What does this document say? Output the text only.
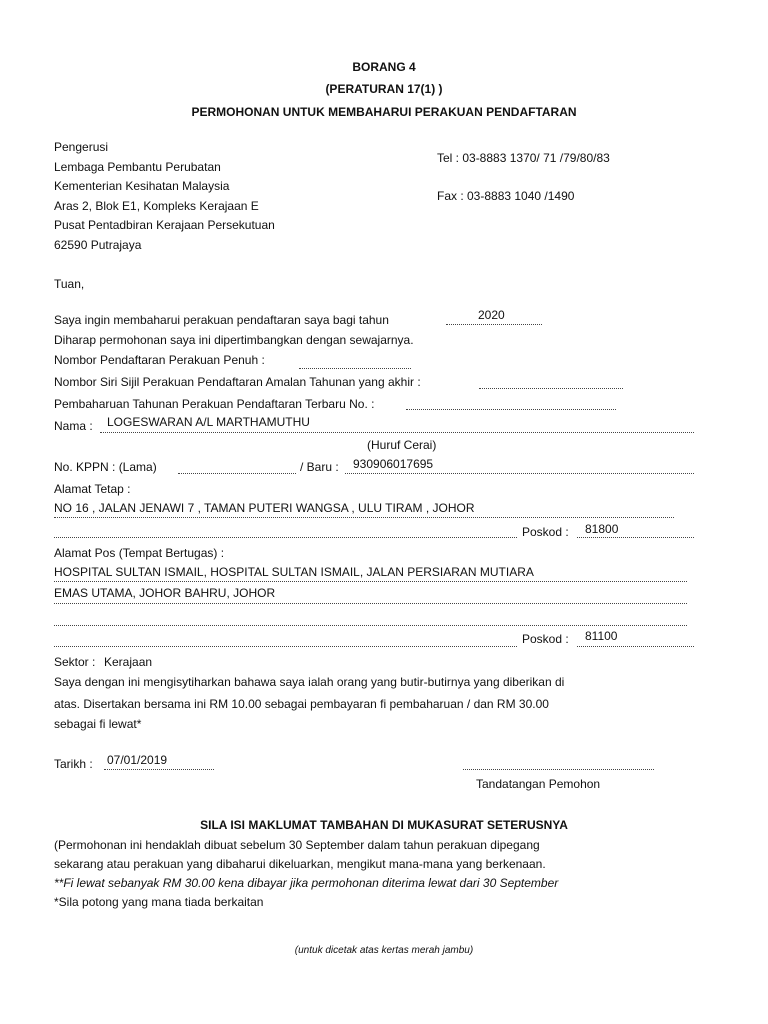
BORANG 4
(PERATURAN 17(1) )
PERMOHONAN UNTUK MEMBAHARUI PERAKUAN PENDAFTARAN
Pengerusi
Lembaga Pembantu Perubatan
Kementerian Kesihatan Malaysia
Aras 2, Blok E1, Kompleks Kerajaan E
Pusat Pentadbiran Kerajaan Persekutuan
62590 Putrajaya
Tel : 03-8883 1370/ 71 /79/80/83
Fax : 03-8883 1040 /1490
Tuan,
Saya ingin membaharui perakuan pendaftaran saya bagi tahun	2020
Diharap permohonan saya ini dipertimbangkan dengan sewajarnya.
Nombor Pendaftaran Perakuan Penuh :
Nombor Siri Sijil Perakuan Pendaftaran Amalan Tahunan yang akhir :
Pembaharuan Tahunan Perakuan Pendaftaran Terbaru No. :
Nama : LOGESWARAN A/L MARTHAMUTHU
(Huruf Cerai)
No. KPPN : (Lama)	/ Baru : 930906017695
Alamat Tetap :
NO 16 , JALAN JENAWI 7 , TAMAN PUTERI WANGSA , ULU TIRAM , JOHOR
Poskod : 81800
Alamat Pos (Tempat Bertugas) :
HOSPITAL SULTAN ISMAIL, HOSPITAL SULTAN ISMAIL, JALAN PERSIARAN MUTIARA
EMAS UTAMA, JOHOR BAHRU, JOHOR
Poskod : 81100
Sektor : Kerajaan
Saya dengan ini mengisytiharkan bahawa saya ialah orang yang butir-butirnya yang diberikan di
atas. Disertakan bersama ini RM 10.00 sebagai pembayaran fi pembaharuan / dan RM 30.00
sebagai fi lewat*
Tarikh : 07/01/2019
Tandatangan Pemohon
SILA ISI MAKLUMAT TAMBAHAN DI MUKASURAT SETERUSNYA
(Permohonan ini hendaklah dibuat sebelum 30 September dalam tahun perakuan dipegang
sekarang atau perakuan yang dibaharui dikeluarkan, mengikut mana-mana yang berkenaan.
**Fi lewat sebanyak RM 30.00 kena dibayar jika permohonan diterima lewat dari 30 September
*Sila potong yang mana tiada berkaitan
(untuk dicetak atas kertas merah jambu)
